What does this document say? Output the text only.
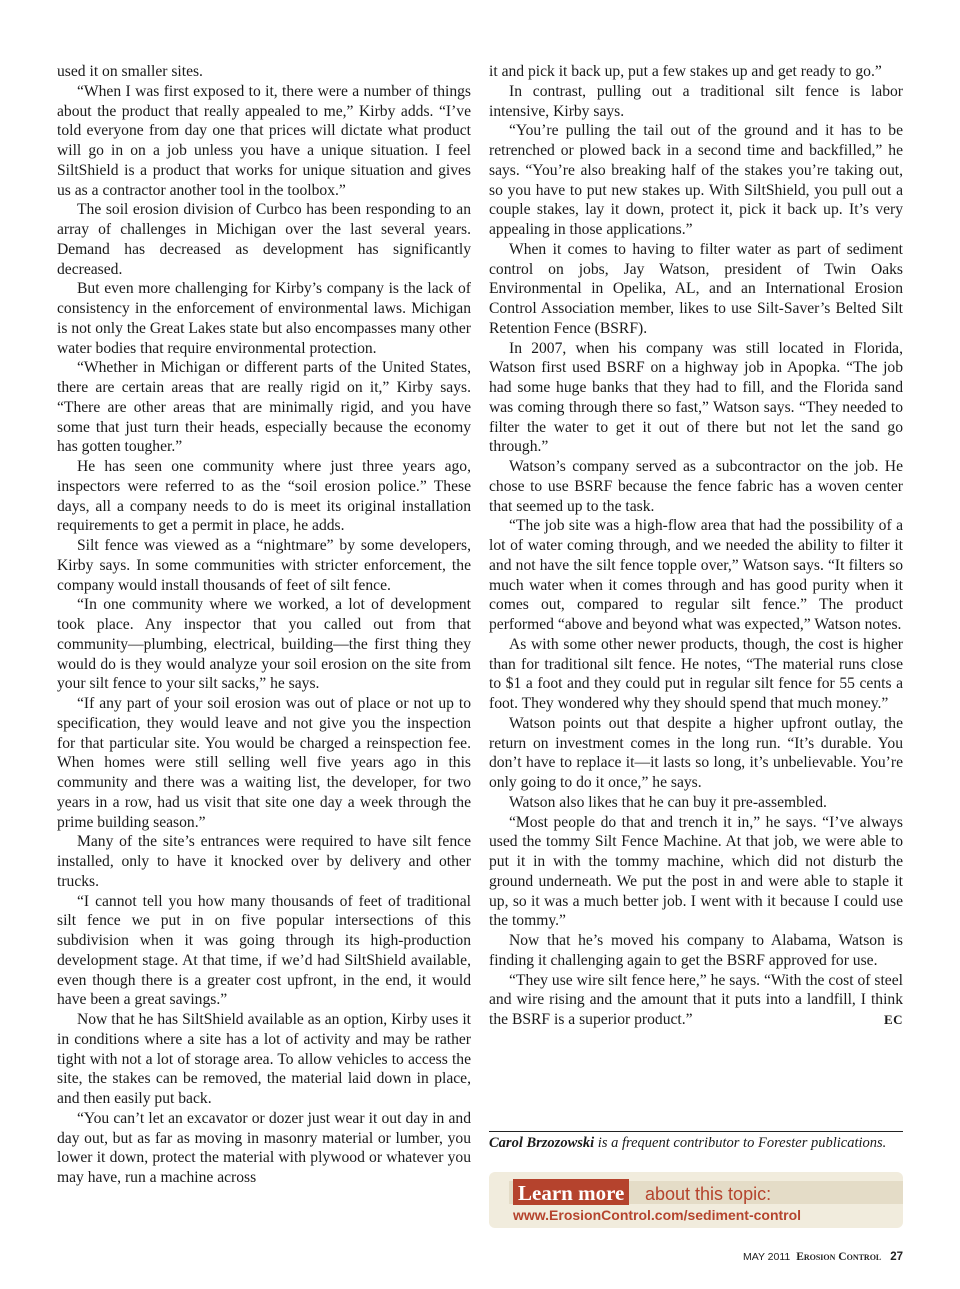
used it on smaller sites.

“When I was first exposed to it, there were a number of things about the product that really appealed to me,” Kirby adds. “I’ve told everyone from day one that prices will dictate what product will go in on a job unless you have a unique situation. I feel SiltShield is a product that works for unique situation and gives us as a contractor another tool in the toolbox.”

The soil erosion division of Curbco has been responding to an array of challenges in Michigan over the last several years. Demand has decreased as development has significantly decreased.

But even more challenging for Kirby’s company is the lack of consistency in the enforcement of environmental laws. Michigan is not only the Great Lakes state but also encompasses many other water bodies that require environmental protection.

“Whether in Michigan or different parts of the United States, there are certain areas that are really rigid on it,” Kirby says. “There are other areas that are minimally rigid, and you have some that just turn their heads, especially because the economy has gotten tougher.”

He has seen one community where just three years ago, inspectors were referred to as the “soil erosion police.” These days, all a company needs to do is meet its original installation requirements to get a permit in place, he adds.

Silt fence was viewed as a “nightmare” by some developers, Kirby says. In some communities with stricter enforcement, the company would install thousands of feet of silt fence.

“In one community where we worked, a lot of development took place. Any inspector that you called out from that community—plumbing, electrical, building—the first thing they would do is they would analyze your soil erosion on the site from your silt fence to your silt sacks,” he says.

“If any part of your soil erosion was out of place or not up to specification, they would leave and not give you the inspection for that particular site. You would be charged a reinspection fee. When homes were still selling well five years ago in this community and there was a waiting list, the developer, for two years in a row, had us visit that site one day a week through the prime building season.”

Many of the site’s entrances were required to have silt fence installed, only to have it knocked over by delivery and other trucks.

“I cannot tell you how many thousands of feet of traditional silt fence we put in on five popular intersections of this subdivision when it was going through its high-production development stage. At that time, if we’d had SiltShield available, even though there is a greater cost upfront, in the end, it would have been a great savings.”

Now that he has SiltShield available as an option, Kirby uses it in conditions where a site has a lot of activity and may be rather tight with not a lot of storage area. To allow vehicles to access the site, the stakes can be removed, the material laid down in place, and then easily put back.

“You can’t let an excavator or dozer just wear it out day in and day out, but as far as moving in masonry material or lumber, you lower it down, protect the material with plywood or whatever you may have, run a machine across

it and pick it back up, put a few stakes up and get ready to go.”

In contrast, pulling out a traditional silt fence is labor intensive, Kirby says.

“You’re pulling the tail out of the ground and it has to be retrenched or plowed back in a second time and backfilled,” he says. “You’re also breaking half of the stakes you’re taking out, so you have to put new stakes up. With SiltShield, you pull out a couple stakes, lay it down, protect it, pick it back up. It’s very appealing in those applications.”

When it comes to having to filter water as part of sediment control on jobs, Jay Watson, president of Twin Oaks Environmental in Opelika, AL, and an International Erosion Control Association member, likes to use Silt-Saver’s Belted Silt Retention Fence (BSRF).

In 2007, when his company was still located in Florida, Watson first used BSRF on a highway job in Apopka. “The job had some huge banks that they had to fill, and the Florida sand was coming through there so fast,” Watson says. “They needed to filter the water to get it out of there but not let the sand go through.”

Watson’s company served as a subcontractor on the job. He chose to use BSRF because the fence fabric has a woven center that seemed up to the task.

“The job site was a high-flow area that had the possibility of a lot of water coming through, and we needed the ability to filter it and not have the silt fence topple over,” Watson says. “It filters so much water when it comes through and has good purity when it comes out, compared to regular silt fence.” The product performed “above and beyond what was expected,” Watson notes.

As with some other newer products, though, the cost is higher than for traditional silt fence. He notes, “The material runs close to $1 a foot and they could put in regular silt fence for 55 cents a foot. They wondered why they should spend that much money.”

Watson points out that despite a higher upfront outlay, the return on investment comes in the long run. “It’s durable. You don’t have to replace it—it lasts so long, it’s unbelievable. You’re only going to do it once,” he says.

Watson also likes that he can buy it pre-assembled.

“Most people do that and trench it in,” he says. “I’ve always used the tommy Silt Fence Machine. At that job, we were able to put it in with the tommy machine, which did not disturb the ground underneath. We put the post in and were able to staple it up, so it was a much better job. I went with it because I could use the tommy.”

Now that he’s moved his company to Alabama, Watson is finding it challenging again to get the BSRF approved for use.

“They use wire silt fence here,” he says. “With the cost of steel and wire rising and the amount that it puts into a landfill, I think the BSRF is a superior product.”	EC

Carol Brzozowski is a frequent contributor to Forester publications.
Learn more about this topic:
www.ErosionControl.com/sediment-control
MAY 2011 Erosion Control 27
